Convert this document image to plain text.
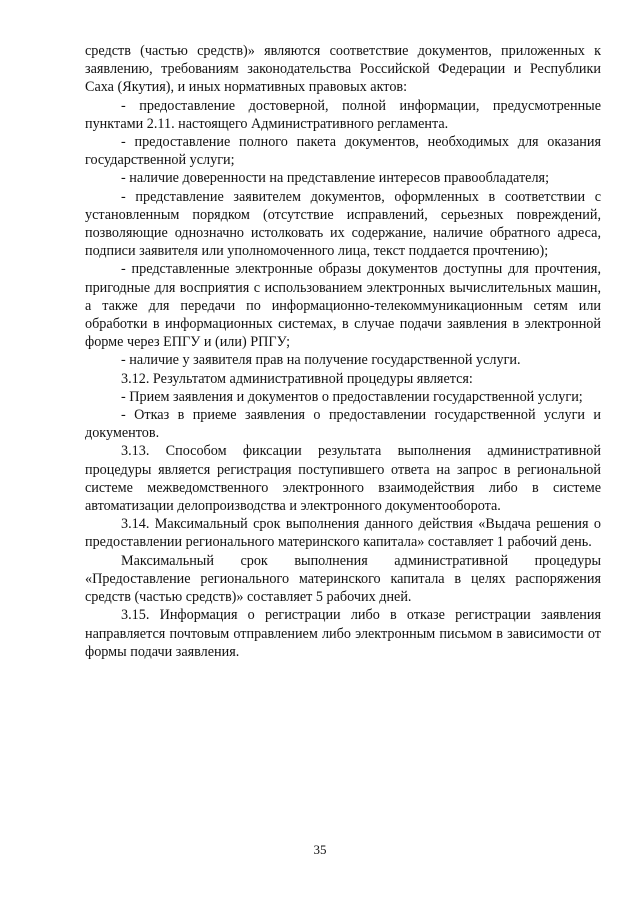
средств (частью средств)» являются соответствие документов, приложенных к заявлению, требованиям законодательства Российской Федерации и Республики Саха (Якутия), и иных нормативных правовых актов:

- предоставление достоверной, полной информации, предусмотренные пунктами 2.11. настоящего Административного регламента.

- предоставление полного пакета документов, необходимых для оказания государственной услуги;

- наличие доверенности на представление интересов правообладателя;

- представление заявителем документов, оформленных в соответствии с установленным порядком (отсутствие исправлений, серьезных повреждений, позволяющие однозначно истолковать их содержание, наличие обратного адреса, подписи заявителя или уполномоченного лица, текст поддается прочтению);

- представленные электронные образы документов доступны для прочтения, пригодные для восприятия с использованием электронных вычислительных машин, а также для передачи по информационно-телекоммуникационным сетям или обработки в информационных системах, в случае подачи заявления в электронной форме через ЕПГУ и (или) РПГУ;

- наличие у заявителя прав на получение государственной услуги.

3.12. Результатом административной процедуры является:

- Прием заявления и документов о предоставлении государственной услуги;

- Отказ в приеме заявления о предоставлении государственной услуги и документов.

3.13. Способом фиксации результата выполнения административной процедуры является регистрация поступившего ответа на запрос в региональной системе межведомственного электронного взаимодействия либо в системе автоматизации делопроизводства и электронного документооборота.

3.14. Максимальный срок выполнения данного действия «Выдача решения о предоставлении регионального материнского капитала» составляет 1 рабочий день.

Максимальный срок выполнения административной процедуры «Предоставление регионального материнского капитала в целях распоряжения средств (частью средств)» составляет 5 рабочих дней.

3.15. Информация о регистрации либо в отказе регистрации заявления направляется почтовым отправлением либо электронным письмом в зависимости от формы подачи заявления.

35
